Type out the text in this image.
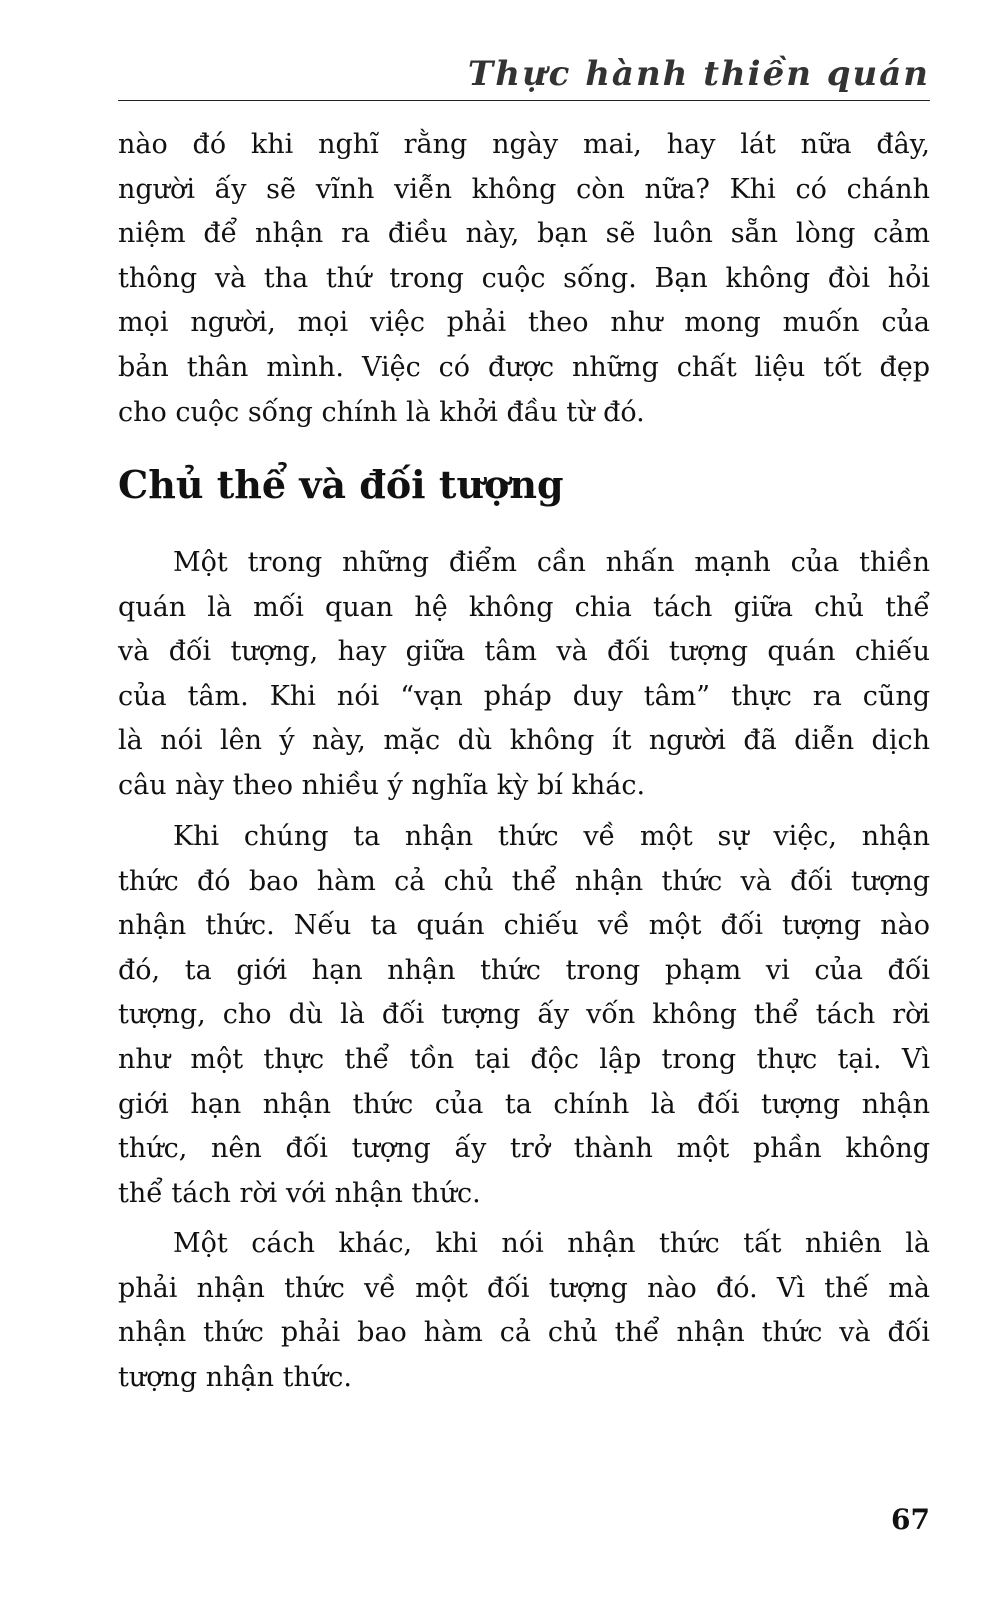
Thực hành thiền quán
nào đó khi nghĩ rằng ngày mai, hay lát nữa đây,
người ấy sẽ vĩnh viễn không còn nữa? Khi có chánh
niệm để nhận ra điều này, bạn sẽ luôn sẵn lòng cảm
thông và tha thứ trong cuộc sống. Bạn không đòi hỏi
mọi người, mọi việc phải theo như mong muốn của
bản thân mình. Việc có được những chất liệu tốt đẹp
cho cuộc sống chính là khởi đầu từ đó.
Chủ thể và đối tượng
Một trong những điểm cần nhấn mạnh của thiền
quán là mối quan hệ không chia tách giữa chủ thể
và đối tượng, hay giữa tâm và đối tượng quán chiếu
của tâm. Khi nói “vạn pháp duy tâm” thực ra cũng
là nói lên ý này, mặc dù không ít người đã diễn dịch
câu này theo nhiều ý nghĩa kỳ bí khác.
Khi chúng ta nhận thức về một sự việc, nhận
thức đó bao hàm cả chủ thể nhận thức và đối tượng
nhận thức. Nếu ta quán chiếu về một đối tượng nào
đó, ta giới hạn nhận thức trong phạm vi của đối
tượng, cho dù là đối tượng ấy vốn không thể tách rời
như một thực thể tồn tại độc lập trong thực tại. Vì
giới hạn nhận thức của ta chính là đối tượng nhận
thức, nên đối tượng ấy trở thành một phần không
thể tách rời với nhận thức.
Một cách khác, khi nói nhận thức tất nhiên là
phải nhận thức về một đối tượng nào đó. Vì thế mà
nhận thức phải bao hàm cả chủ thể nhận thức và đối
tượng nhận thức.
67
